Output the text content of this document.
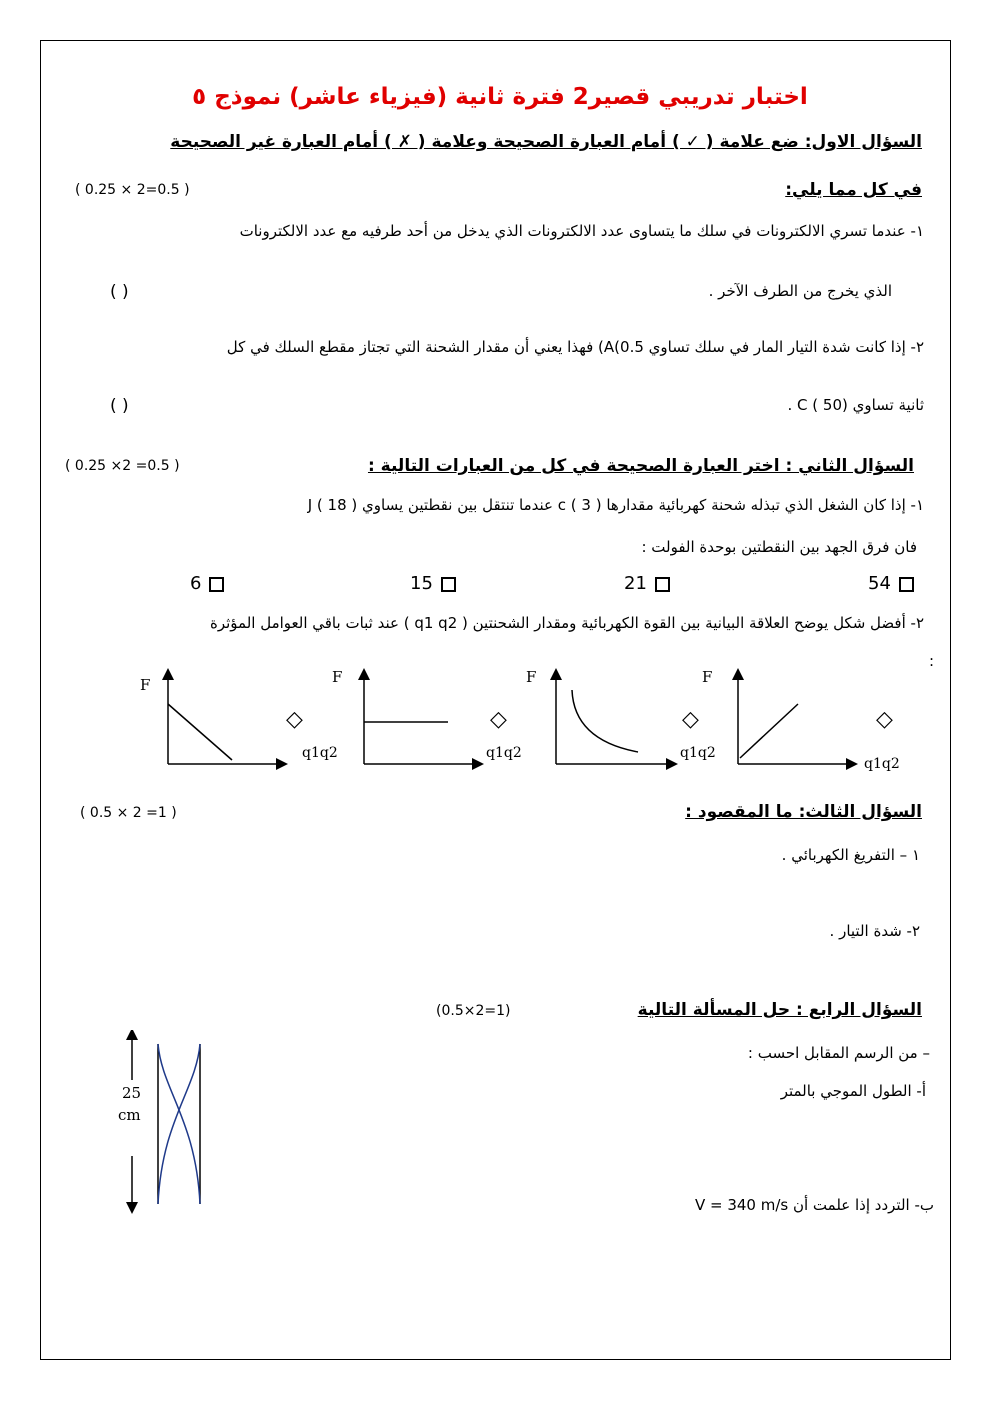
اختبار تدريبي قصير2 فترة ثانية (فيزياء عاشر) نموذج ٥
السؤال الاول: ضع علامة ( ✓ ) أمام العبارة الصحيحة وعلامة ( ✗ ) أمام العبارة غير الصحيحة
في كل مما يلي:
( 0.25 × 2=0.5 )
١- عندما تسري الالكترونات في سلك ما يتساوى عدد الالكترونات الذي يدخل من أحد طرفيه مع عدد الالكترونات
الذي يخرج من الطرف الآخر .
( )
٢- إذا كانت شدة التيار المار في سلك تساوي 0.5)A) فهذا يعني أن مقدار الشحنة التي تجتاز مقطع السلك في كل
ثانية تساوي C ( 50) .
( )
السؤال الثاني : اختر العبارة الصحيحة في كل من العبارات التالية :
( 0.25 ×2 =0.5 )
١- إذا كان الشغل الذي تبذله شحنة كهربائية مقدارها c ( 3 ) عندما تنتقل بين نقطتين يساوي J ( 18 )
فان فرق الجهد بين النقطتين بوحدة الفولت :
54
21
15
6
٢- أفضل شكل يوضح العلاقة البيانية بين القوة الكهربائية ومقدار الشحنتين ( q1 q2 ) عند ثبات باقي العوامل المؤثرة
:
F
q1q2
◇
F
q1q2
◇
F
q1q2
◇
F
q1q2
◇
السؤال الثالث: ما المقصود :
( 0.5 × 2 =1 )
١ – التفريغ الكهربائي .
٢- شدة التيار .
السؤال الرابع : حل المسألة التالية
(0.5×2=1)
– من الرسم المقابل احسب :
أ- الطول الموجي بالمتر
ب- التردد إذا علمت أن V = 340 m/s
25
cm
